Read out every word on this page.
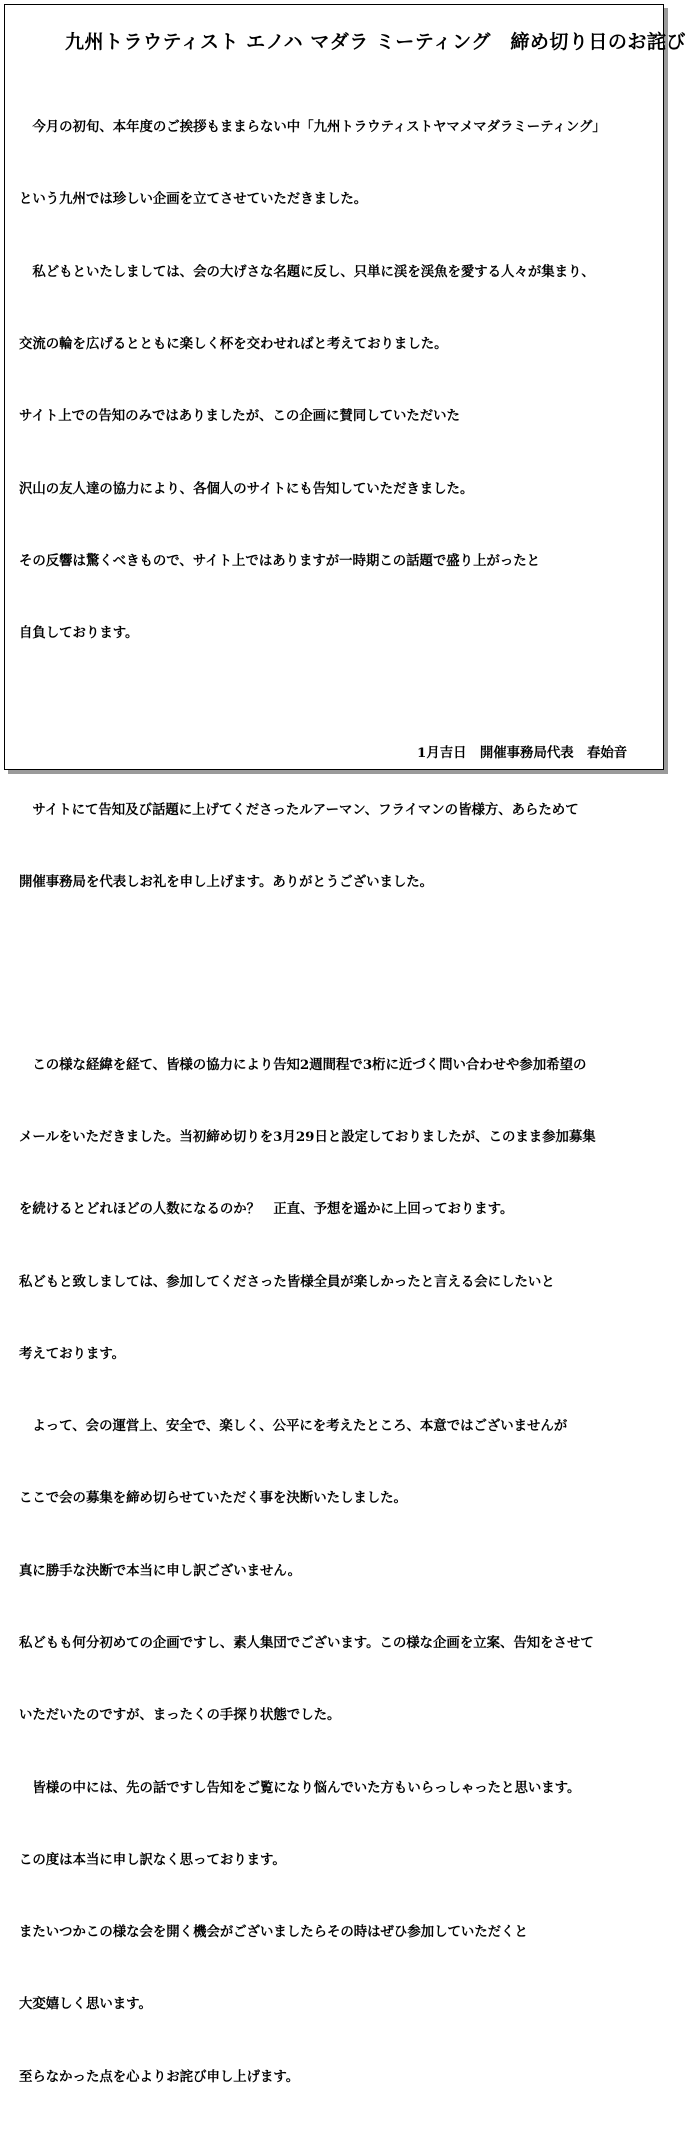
九州トラウティスト エノハ マダラ ミーティング　締め切り日のお詫び

　今月の初旬、本年度のご挨拶もままらない中「九州トラウティストヤマメマダラミーティング」

という九州では珍しい企画を立てさせていただきました。

　私どもといたしましては、会の大げさな名題に反し、只単に渓を渓魚を愛する人々が集まり、

交流の輪を広げるとともに楽しく杯を交わせればと考えておりました。

サイト上での告知のみではありましたが、この企画に賛同していただいた

沢山の友人達の協力により、各個人のサイトにも告知していただきました。

その反響は驚くべきもので、サイト上ではありますが一時期この話題で盛り上がったと

自負しております。

　サイトにて告知及び話題に上げてくださったルアーマン、フライマンの皆様方、あらためて

開催事務局を代表しお礼を申し上げます。ありがとうございました。

　この様な経緯を経て、皆様の協力により告知2週間程で3桁に近づく問い合わせや参加希望の

メールをいただきました。当初締め切りを3月29日と設定しておりましたが、このまま参加募集

を続けるとどれほどの人数になるのか？　正直、予想を遥かに上回っております。

私どもと致しましては、参加してくださった皆様全員が楽しかったと言える会にしたいと

考えております。

　よって、会の運営上、安全で、楽しく、公平にを考えたところ、本意ではございませんが

ここで会の募集を締め切らせていただく事を決断いたしました。

真に勝手な決断で本当に申し訳ございません。

私どもも何分初めての企画ですし、素人集団でございます。この様な企画を立案、告知をさせて

いただいたのですが、まったくの手探り状態でした。

　皆様の中には、先の話ですし告知をご覧になり悩んでいた方もいらっしゃったと思います。

この度は本当に申し訳なく思っております。

またいつかこの様な会を開く機会がございましたらその時はぜひ参加していただくと

大変嬉しく思います。

至らなかった点を心よりお詫び申し上げます。

1月吉日　開催事務局代表　春始音
